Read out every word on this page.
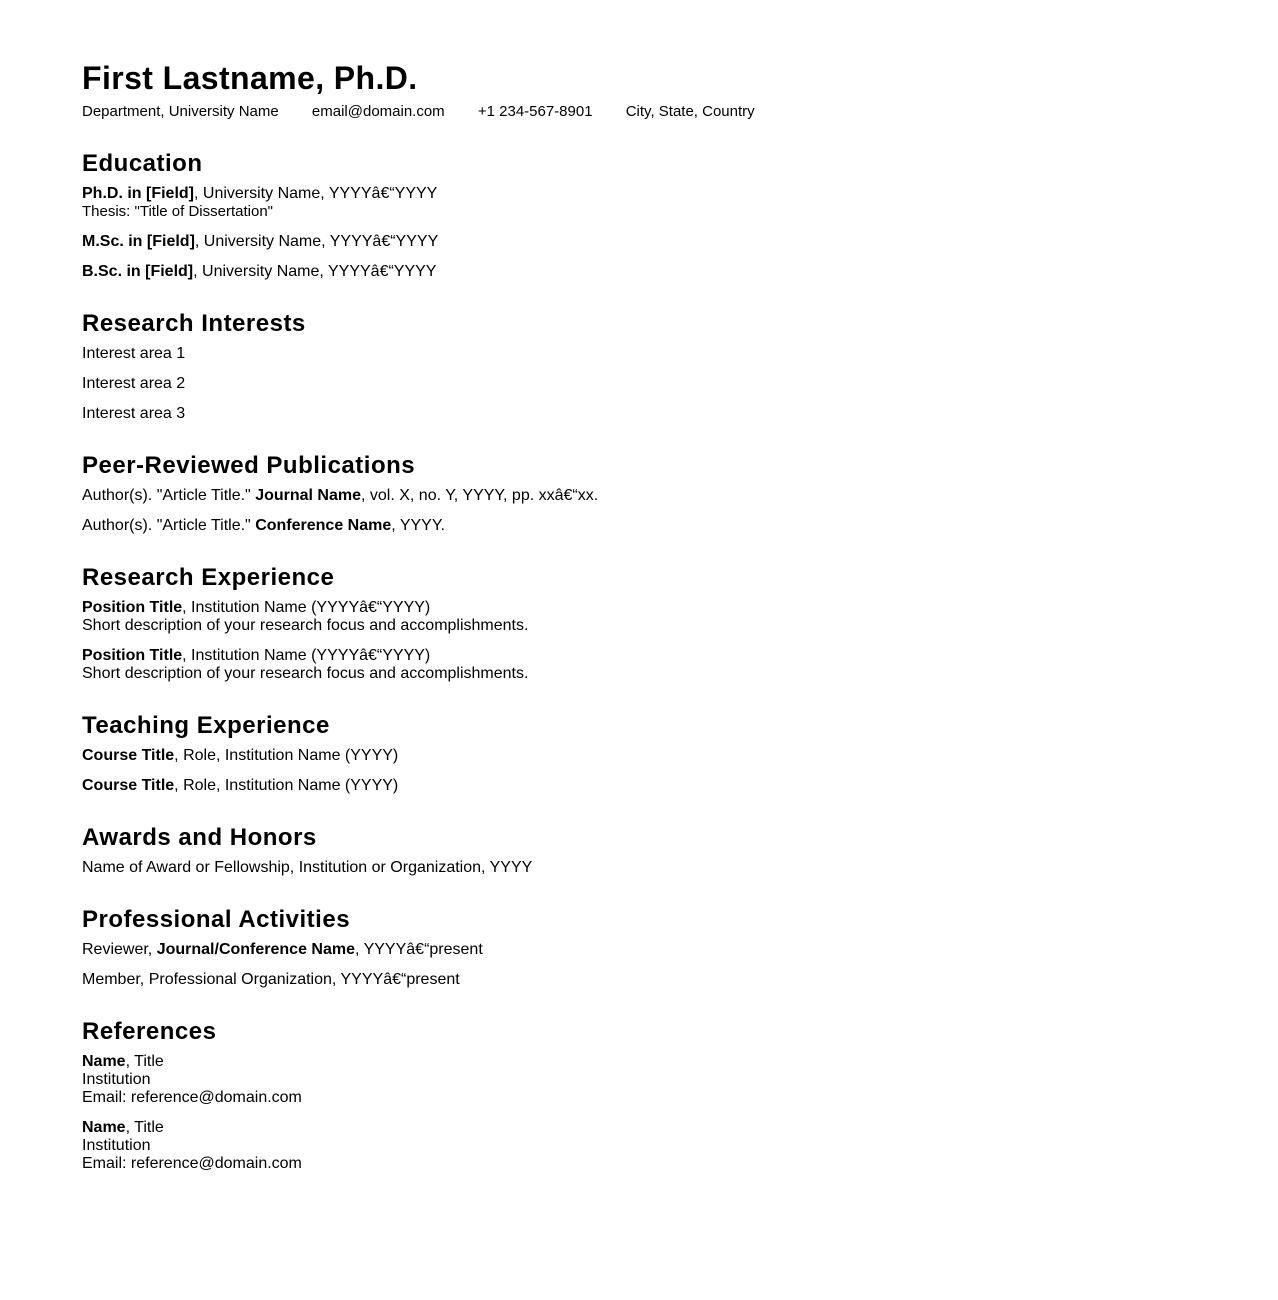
First Lastname, Ph.D.
Department, University Name email@domain.com +1 234-567-8901 City, State, Country
Education
Ph.D. in [Field], University Name, YYYYâ€“YYYY
Thesis: "Title of Dissertation"
M.Sc. in [Field], University Name, YYYYâ€“YYYY
B.Sc. in [Field], University Name, YYYYâ€“YYYY
Research Interests
Interest area 1
Interest area 2
Interest area 3
Peer-Reviewed Publications
Author(s). "Article Title." Journal Name, vol. X, no. Y, YYYY, pp. xxâ€“xx.
Author(s). "Article Title." Conference Name, YYYY.
Research Experience
Position Title, Institution Name (YYYYâ€“YYYY)
Short description of your research focus and accomplishments.
Position Title, Institution Name (YYYYâ€“YYYY)
Short description of your research focus and accomplishments.
Teaching Experience
Course Title, Role, Institution Name (YYYY)
Course Title, Role, Institution Name (YYYY)
Awards and Honors
Name of Award or Fellowship, Institution or Organization, YYYY
Professional Activities
Reviewer, Journal/Conference Name, YYYYâ€“present
Member, Professional Organization, YYYYâ€“present
References
Name, Title
Institution
Email: reference@domain.com
Name, Title
Institution
Email: reference@domain.com
